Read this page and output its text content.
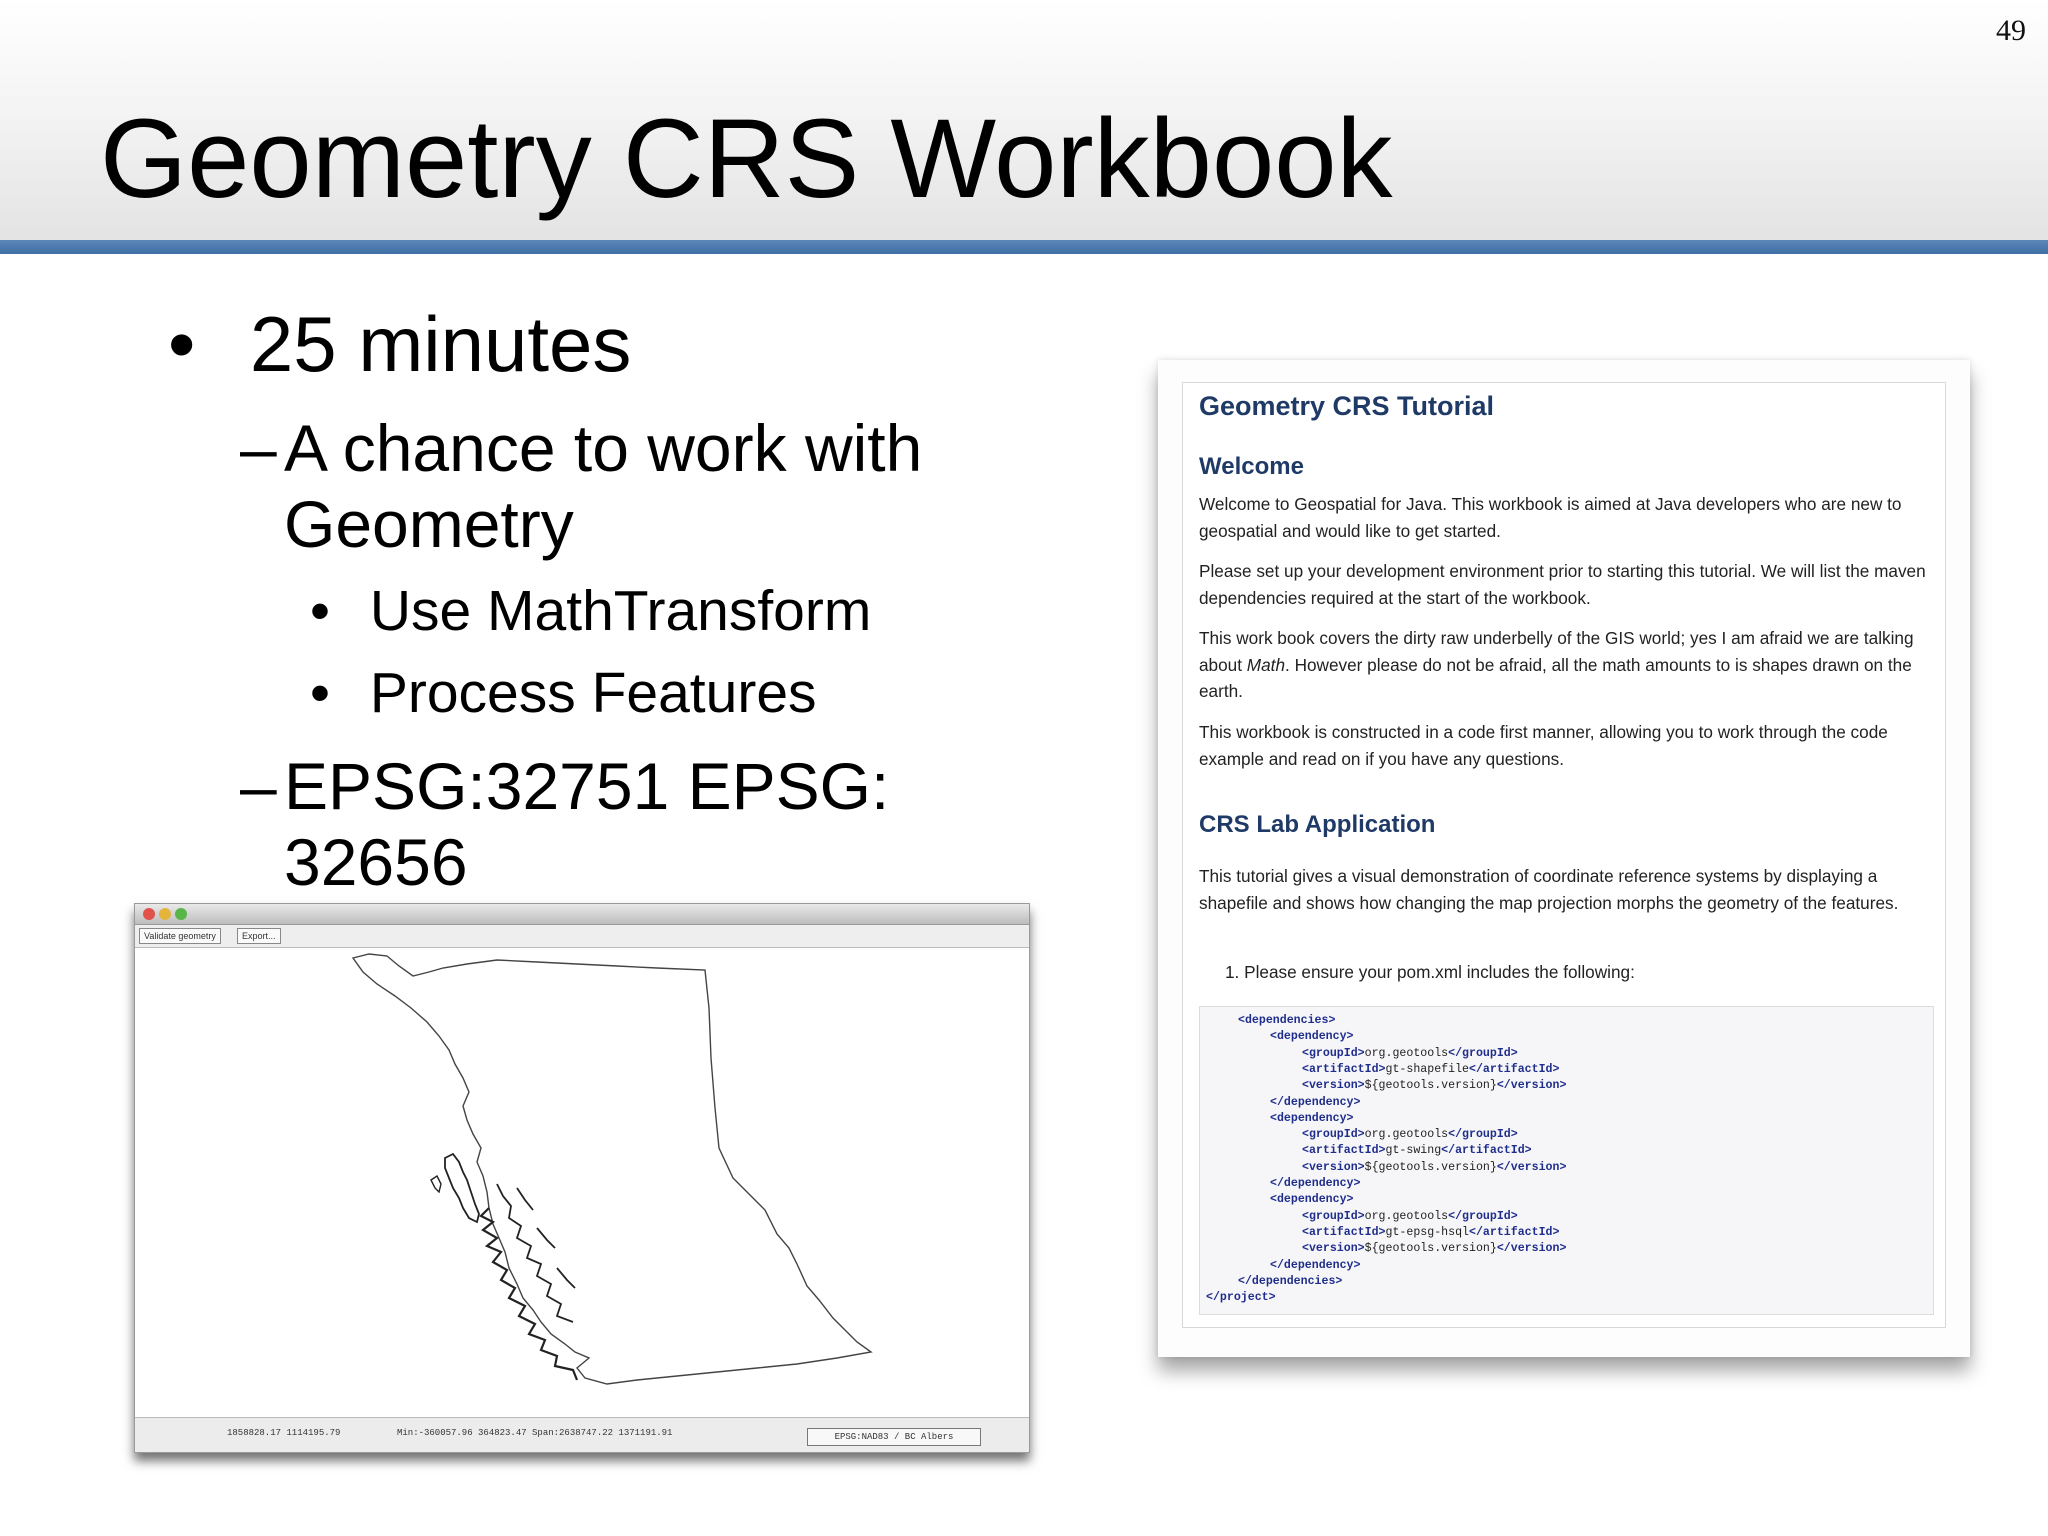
49
Geometry CRS Workbook
• 25 minutes
– A chance to work with
Geometry
• Use MathTransform
• Process Features
– EPSG:32751 EPSG:
32656
Validate geometry	Export...
1858828.17 1114195.79	Min:-360057.96 364823.47 Span:2638747.22 1371191.91	EPSG:NAD83 / BC Albers
Geometry CRS Tutorial
Welcome

Welcome to Geospatial for Java. This workbook is aimed at Java developers who are new to geospatial and would like to get started.

Please set up your development environment prior to starting this tutorial. We will list the maven dependencies required at the start of the workbook.

This work book covers the dirty raw underbelly of the GIS world; yes I am afraid we are talking about Math. However please do not be afraid, all the math amounts to is shapes drawn on the earth.

This workbook is constructed in a code first manner, allowing you to work through the code example and read on if you have any questions.

CRS Lab Application

This tutorial gives a visual demonstration of coordinate reference systems by displaying a shapefile and shows how changing the map projection morphs the geometry of the features.

1. Please ensure your pom.xml includes the following:
<dependencies>
<dependency>
<groupId>org.geotools</groupId>
<artifactId>gt-shapefile</artifactId>
<version>${geotools.version}</version>
</dependency>
<dependency>
<groupId>org.geotools</groupId>
<artifactId>gt-swing</artifactId>
<version>${geotools.version}</version>
</dependency>
<dependency>
<groupId>org.geotools</groupId>
<artifactId>gt-epsg-hsql</artifactId>
<version>${geotools.version}</version>
</dependency>
</dependencies>
</project>
